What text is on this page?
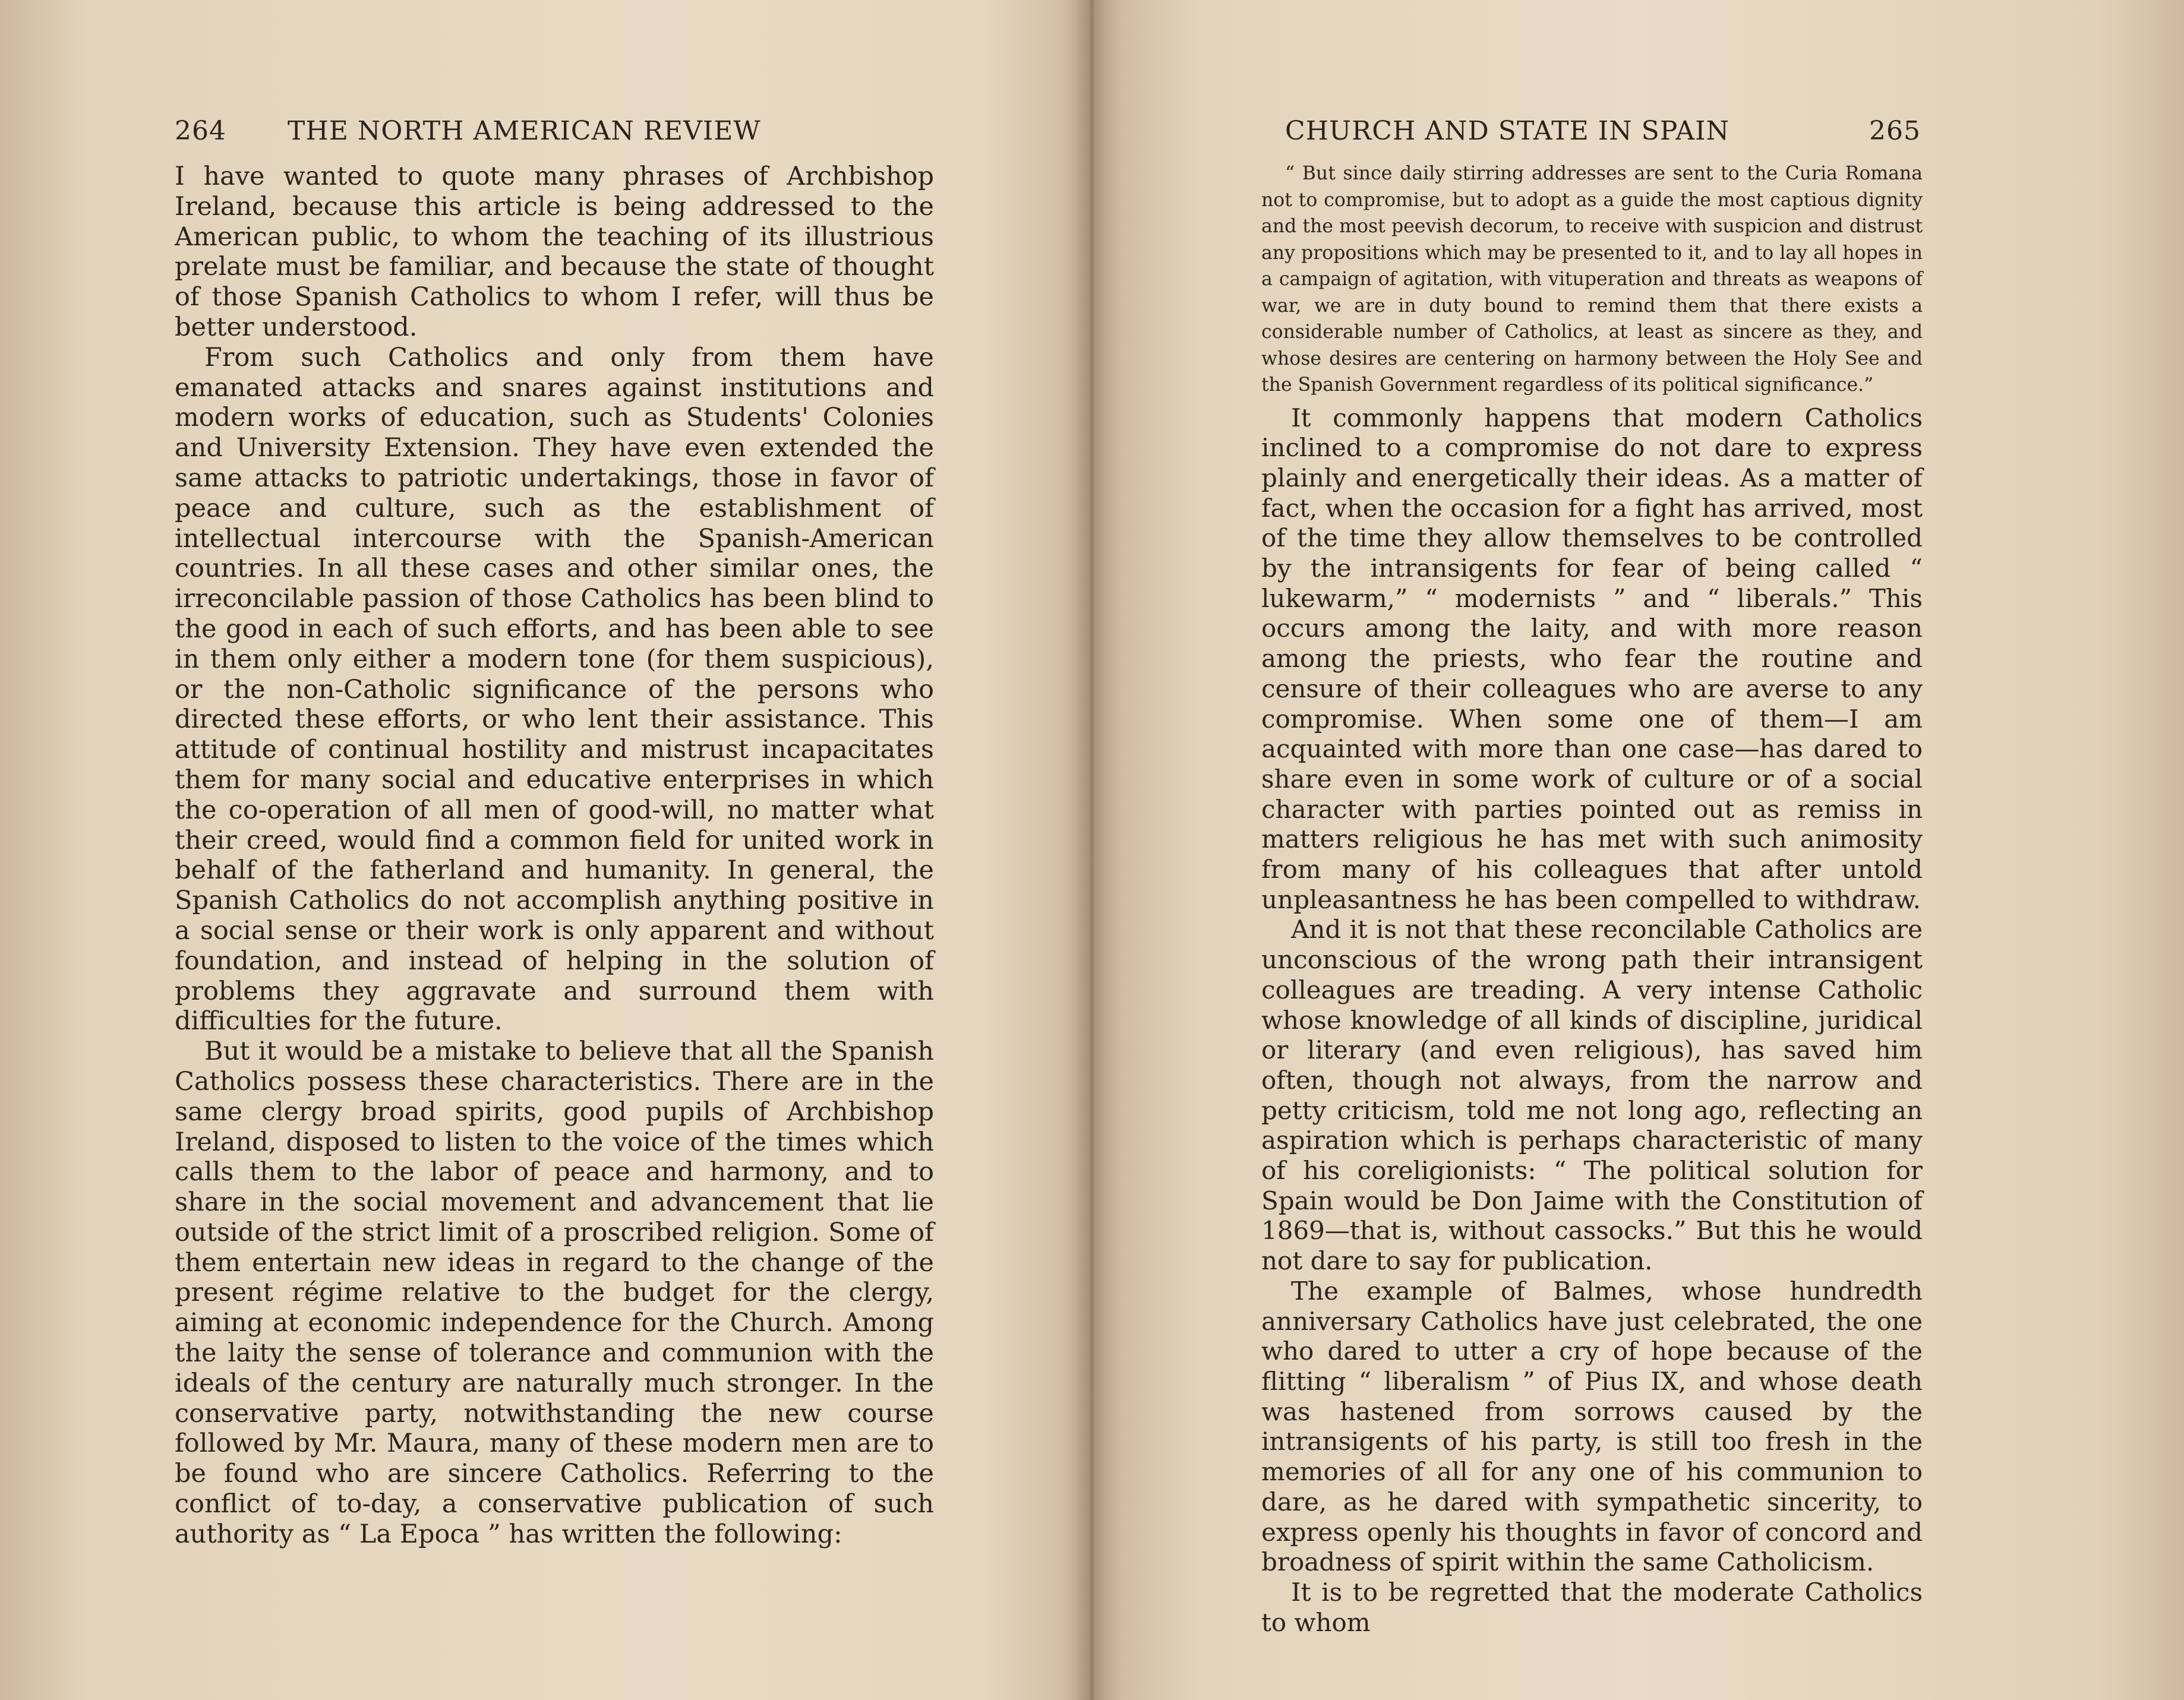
264 THE NORTH AMERICAN REVIEW

I have wanted to quote many phrases of Archbishop Ireland, because this article is being addressed to the American public, to whom the teaching of its illustrious prelate must be familiar, and because the state of thought of those Spanish Catholics to whom I refer, will thus be better understood.

From such Catholics and only from them have emanated attacks and snares against institutions and modern works of education, such as Students' Colonies and University Extension. They have even extended the same attacks to patriotic undertakings, those in favor of peace and culture, such as the establishment of intellectual intercourse with the Spanish-American countries. In all these cases and other similar ones, the irreconcilable passion of those Catholics has been blind to the good in each of such efforts, and has been able to see in them only either a modern tone (for them suspicious), or the non-Catholic significance of the persons who directed these efforts, or who lent their assistance. This attitude of continual hostility and mistrust incapacitates them for many social and educative enterprises in which the co-operation of all men of good-will, no matter what their creed, would find a common field for united work in behalf of the fatherland and humanity. In general, the Spanish Catholics do not accomplish anything positive in a social sense or their work is only apparent and without foundation, and instead of helping in the solution of problems they aggravate and surround them with difficulties for the future.

But it would be a mistake to believe that all the Spanish Catholics possess these characteristics. There are in the same clergy broad spirits, good pupils of Archbishop Ireland, disposed to listen to the voice of the times which calls them to the labor of peace and harmony, and to share in the social movement and advancement that lie outside of the strict limit of a proscribed religion. Some of them entertain new ideas in regard to the change of the present régime relative to the budget for the clergy, aiming at economic independence for the Church. Among the laity the sense of tolerance and communion with the ideals of the century are naturally much stronger. In the conservative party, notwithstanding the new course followed by Mr. Maura, many of these modern men are to be found who are sincere Catholics. Referring to the conflict of to-day, a conservative publication of such authority as “ La Epoca ” has written the following:

CHURCH AND STATE IN SPAIN	265

“ But since daily stirring addresses are sent to the Curia Romana not to compromise, but to adopt as a guide the most captious dignity and the most peevish decorum, to receive with suspicion and distrust any propositions which may be presented to it, and to lay all hopes in a campaign of agitation, with vituperation and threats as weapons of war, we are in duty bound to remind them that there exists a considerable number of Catholics, at least as sincere as they, and whose desires are centering on harmony between the Holy See and the Spanish Government regardless of its political significance.”

It commonly happens that modern Catholics inclined to a compromise do not dare to express plainly and energetically their ideas. As a matter of fact, when the occasion for a fight has arrived, most of the time they allow themselves to be controlled by the intransigents for fear of being called “ lukewarm,” “ modernists ” and “ liberals.” This occurs among the laity, and with more reason among the priests, who fear the routine and censure of their colleagues who are averse to any compromise. When some one of them—I am acquainted with more than one case—has dared to share even in some work of culture or of a social character with parties pointed out as remiss in matters religious he has met with such animosity from many of his colleagues that after untold unpleasantness he has been compelled to withdraw.

And it is not that these reconcilable Catholics are unconscious of the wrong path their intransigent colleagues are treading. A very intense Catholic whose knowledge of all kinds of discipline, juridical or literary (and even religious), has saved him often, though not always, from the narrow and petty criticism, told me not long ago, reflecting an aspiration which is perhaps characteristic of many of his coreligionists: “ The political solution for Spain would be Don Jaime with the Constitution of 1869—that is, without cassocks.” But this he would not dare to say for publication.

The example of Balmes, whose hundredth anniversary Catholics have just celebrated, the one who dared to utter a cry of hope because of the flitting “ liberalism ” of Pius IX, and whose death was hastened from sorrows caused by the intransigents of his party, is still too fresh in the memories of all for any one of his communion to dare, as he dared with sympathetic sincerity, to express openly his thoughts in favor of concord and broadness of spirit within the same Catholicism.

It is to be regretted that the moderate Catholics to whom
